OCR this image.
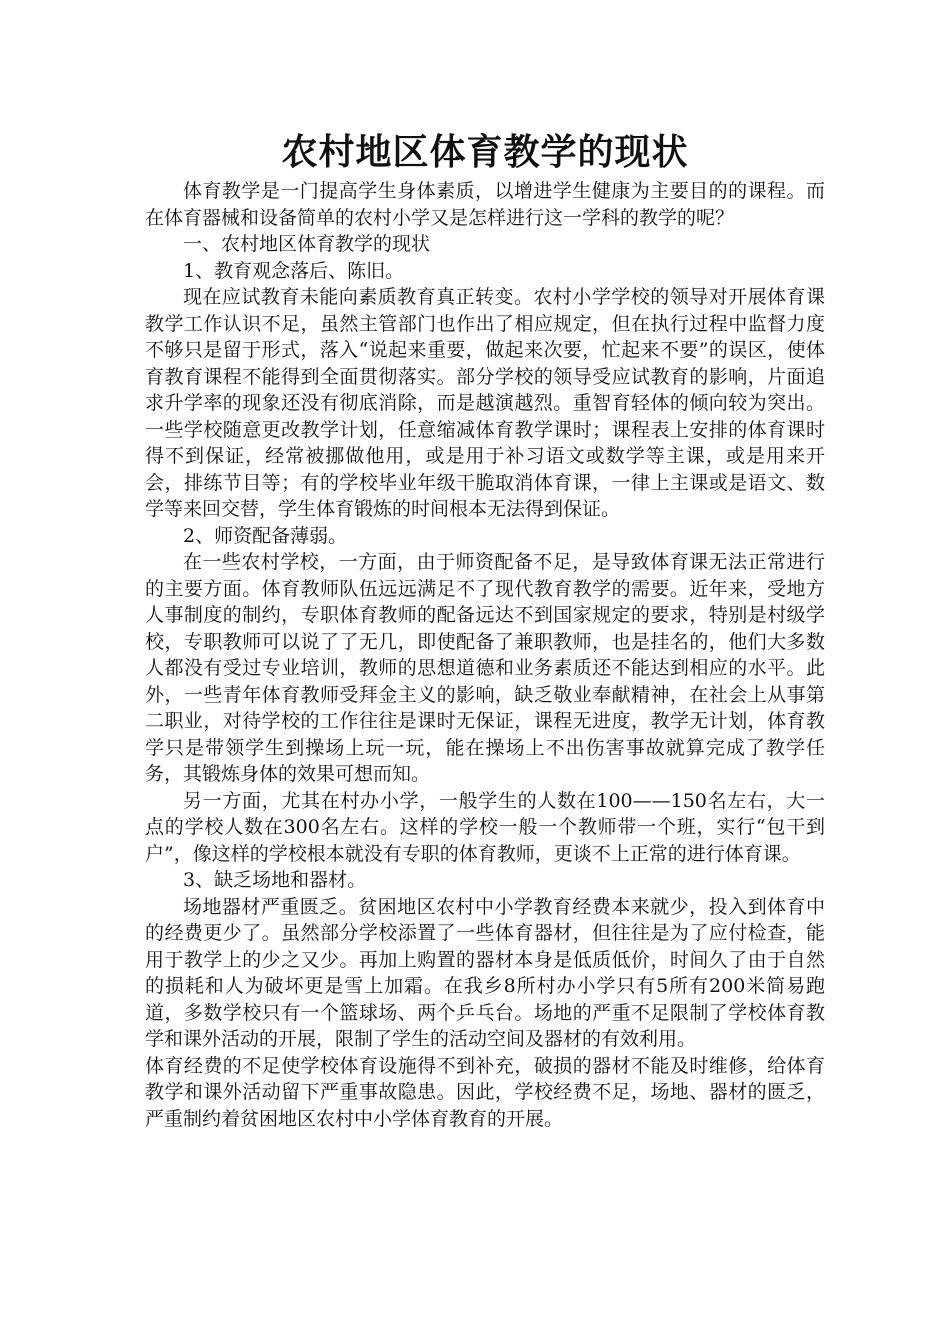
农村地区体育教学的现状

体育教学是一门提高学生身体素质，以增进学生健康为主要目的的课程。而在体育器械和设备简单的农村小学又是怎样进行这一学科的教学的呢？

一、农村地区体育教学的现状

1、教育观念落后、陈旧。

现在应试教育未能向素质教育真正转变。农村小学学校的领导对开展体育课教学工作认识不足，虽然主管部门也作出了相应规定，但在执行过程中监督力度不够只是留于形式，落入“说起来重要，做起来次要，忙起来不要”的误区，使体育教育课程不能得到全面贯彻落实。部分学校的领导受应试教育的影响，片面追求升学率的现象还没有彻底消除，而是越演越烈。重智育轻体的倾向较为突出。一些学校随意更改教学计划，任意缩减体育教学课时；课程表上安排的体育课时得不到保证，经常被挪做他用，或是用于补习语文或数学等主课，或是用来开会，排练节目等；有的学校毕业年级干脆取消体育课，一律上主课或是语文、数学等来回交替，学生体育锻炼的时间根本无法得到保证。

2、师资配备薄弱。

在一些农村学校，一方面，由于师资配备不足，是导致体育课无法正常进行的主要方面。体育教师队伍远远满足不了现代教育教学的需要。近年来，受地方人事制度的制约，专职体育教师的配备远达不到国家规定的要求，特别是村级学校，专职教师可以说了了无几，即使配备了兼职教师，也是挂名的，他们大多数人都没有受过专业培训，教师的思想道德和业务素质还不能达到相应的水平。此外，一些青年体育教师受拜金主义的影响，缺乏敬业奉献精神，在社会上从事第二职业，对待学校的工作往往是课时无保证，课程无进度，教学无计划，体育教学只是带领学生到操场上玩一玩，能在操场上不出伤害事故就算完成了教学任务，其锻炼身体的效果可想而知。

另一方面，尤其在村办小学，一般学生的人数在100——150名左右，大一点的学校人数在300名左右。这样的学校一般一个教师带一个班，实行“包干到户”，像这样的学校根本就没有专职的体育教师，更谈不上正常的进行体育课。

3、缺乏场地和器材。

场地器材严重匮乏。贫困地区农村中小学教育经费本来就少，投入到体育中的经费更少了。虽然部分学校添置了一些体育器材，但往往是为了应付检查，能用于教学上的少之又少。再加上购置的器材本身是低质低价，时间久了由于自然的损耗和人为破坏更是雪上加霜。在我乡8所村办小学只有5所有200米简易跑道，多数学校只有一个篮球场、两个乒乓台。场地的严重不足限制了学校体育教学和课外活动的开展，限制了学生的活动空间及器材的有效利用。

体育经费的不足使学校体育设施得不到补充，破损的器材不能及时维修，给体育教学和课外活动留下严重事故隐患。因此，学校经费不足，场地、器材的匮乏，严重制约着贫困地区农村中小学体育教育的开展。
